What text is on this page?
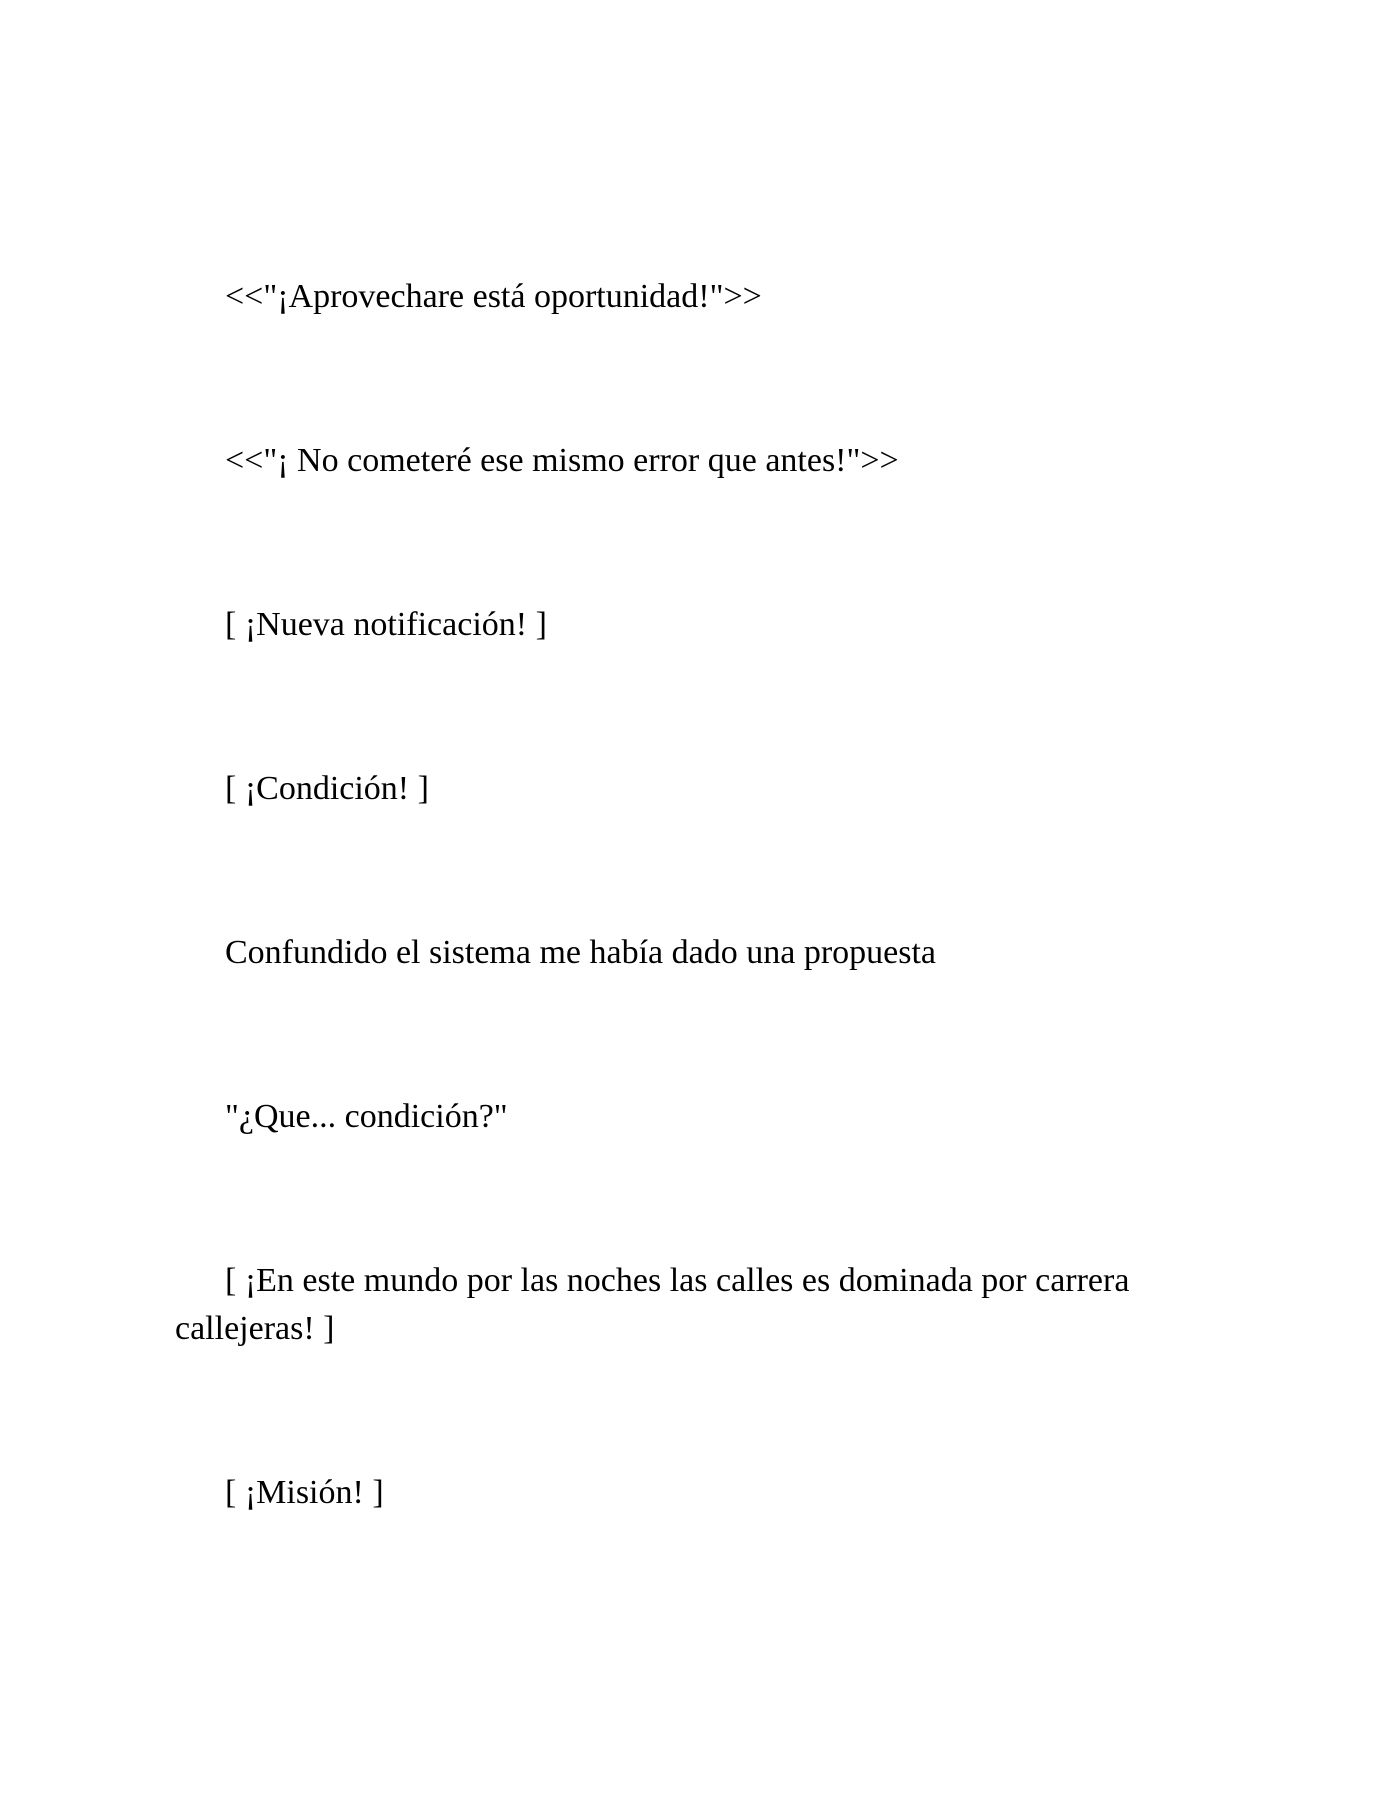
<<"¡Aprovechare está oportunidad!">>

<<"¡ No cometeré ese mismo error que antes!">>

[ ¡Nueva notificación! ]

[ ¡Condición! ]

Confundido el sistema me había dado una propuesta

"¿Que... condición?"

[ ¡En este mundo por las noches las calles es dominada por carrera callejeras! ]

[ ¡Misión! ]
